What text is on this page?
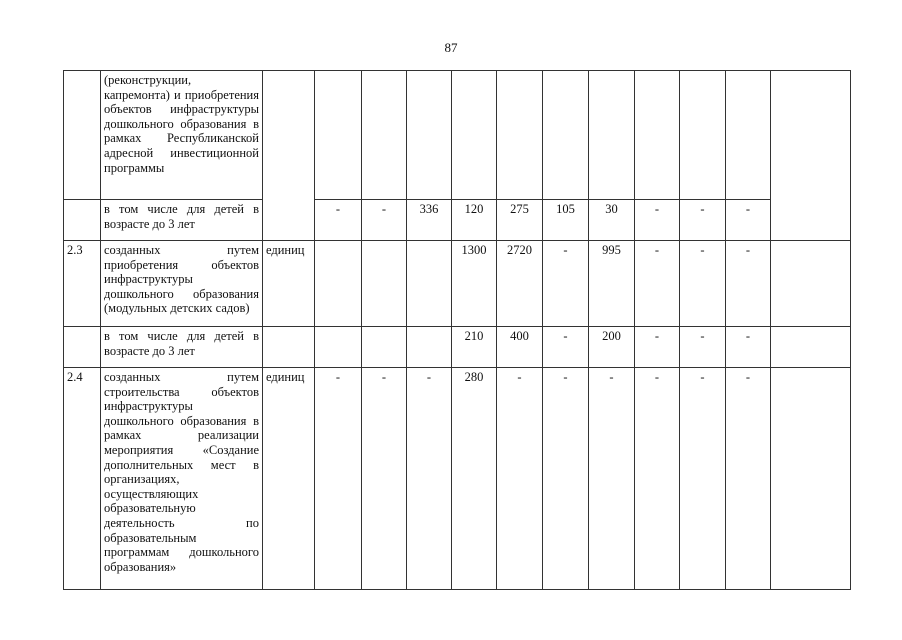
87
	(реконструкции, капремонта) и приобретения объектов инфраструктуры дошкольного образования в рамках Республиканской адресной инвестиционной программы												
	в том числе для детей в возрасте до 3 лет		-	-	336	120	275	105	30	-	-	-	
2.3	созданных путем приобретения объектов инфраструктуры дошкольного образования (модульных детских садов)	единиц				1300	2720	-	995	-	-	-	
	в том числе для детей в возрасте до 3 лет					210	400	-	200	-	-	-	
2.4	созданных путем строительства объектов инфраструктуры дошкольного образования в рамках реализации мероприятия «Создание дополнительных мест в организациях, осуществляющих образовательную деятельность по образовательным программам дошкольного образования»	единиц	-	-	-	280	-	-	-	-	-	-	
